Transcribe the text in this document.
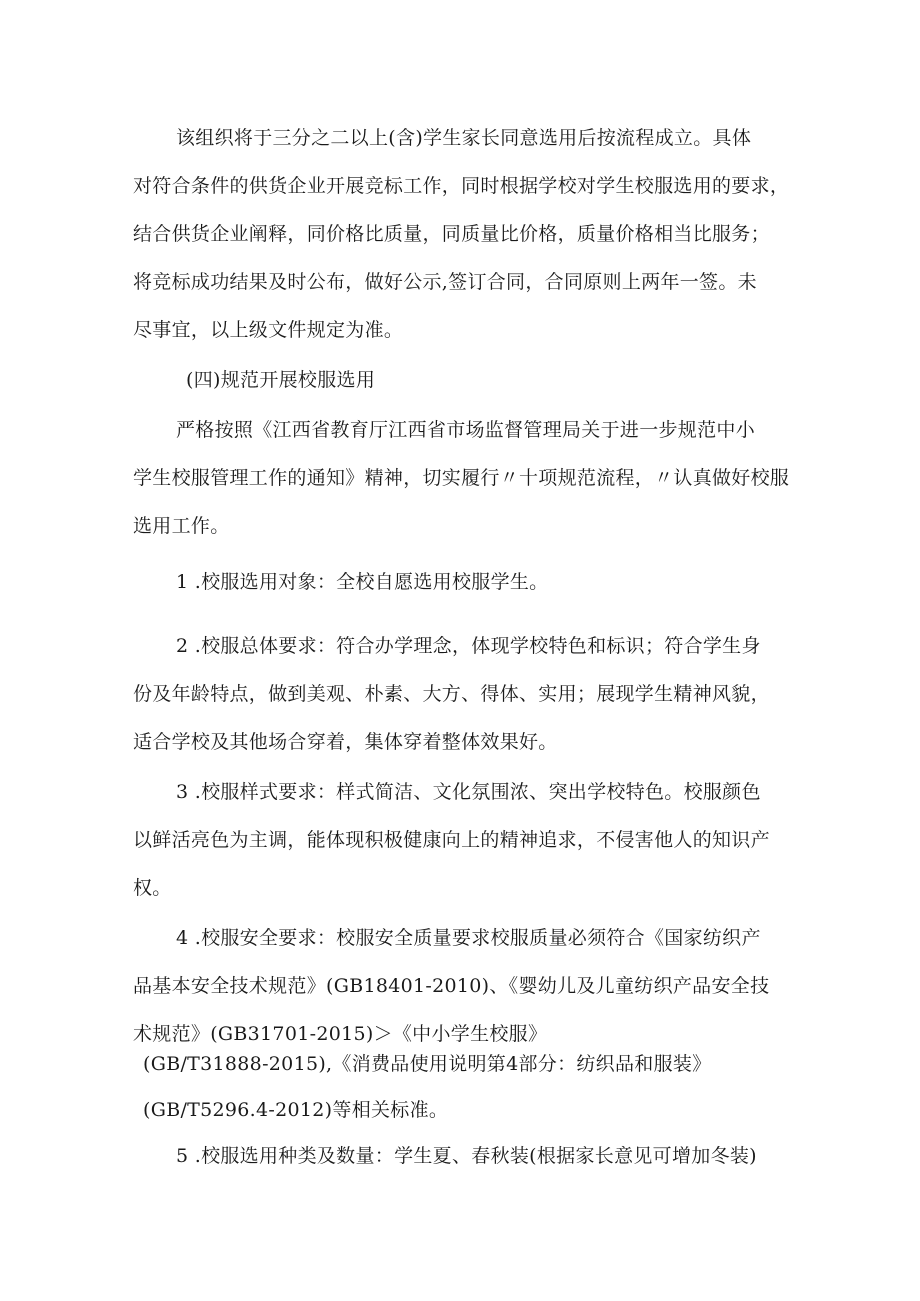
该组织将于三分之二以上(含)学生家长同意选用后按流程成立。具体
对符合条件的供货企业开展竞标工作，同时根据学校对学生校服选用的要求，
结合供货企业阐释，同价格比质量，同质量比价格，质量价格相当比服务；
将竞标成功结果及时公布，做好公示,签订合同，合同原则上两年一签。未
尽事宜，以上级文件规定为准。
(四)规范开展校服选用
严格按照《江西省教育厅江西省市场监督管理局关于进一步规范中小
学生校服管理工作的通知》精神，切实履行〃十项规范流程，〃认真做好校服
选用工作。
1 .校服选用对象：全校自愿选用校服学生。
2 .校服总体要求：符合办学理念，体现学校特色和标识；符合学生身
份及年龄特点，做到美观、朴素、大方、得体、实用；展现学生精神风貌，
适合学校及其他场合穿着，集体穿着整体效果好。
3 .校服样式要求：样式简洁、文化氛围浓、突出学校特色。校服颜色
以鲜活亮色为主调，能体现积极健康向上的精神追求，不侵害他人的知识产
权。
4 .校服安全要求：校服安全质量要求校服质量必须符合《国家纺织产
品基本安全技术规范》(GB18401-2010)、《婴幼儿及儿童纺织产品安全技
术规范》(GB31701-2015)＞《中小学生校服》
(GB/T31888-2015),《消费品使用说明第4部分：纺织品和服装》
(GB/T5296.4-2012)等相关标准。
5 .校服选用种类及数量：学生夏、春秋装(根据家长意见可增加冬装)
